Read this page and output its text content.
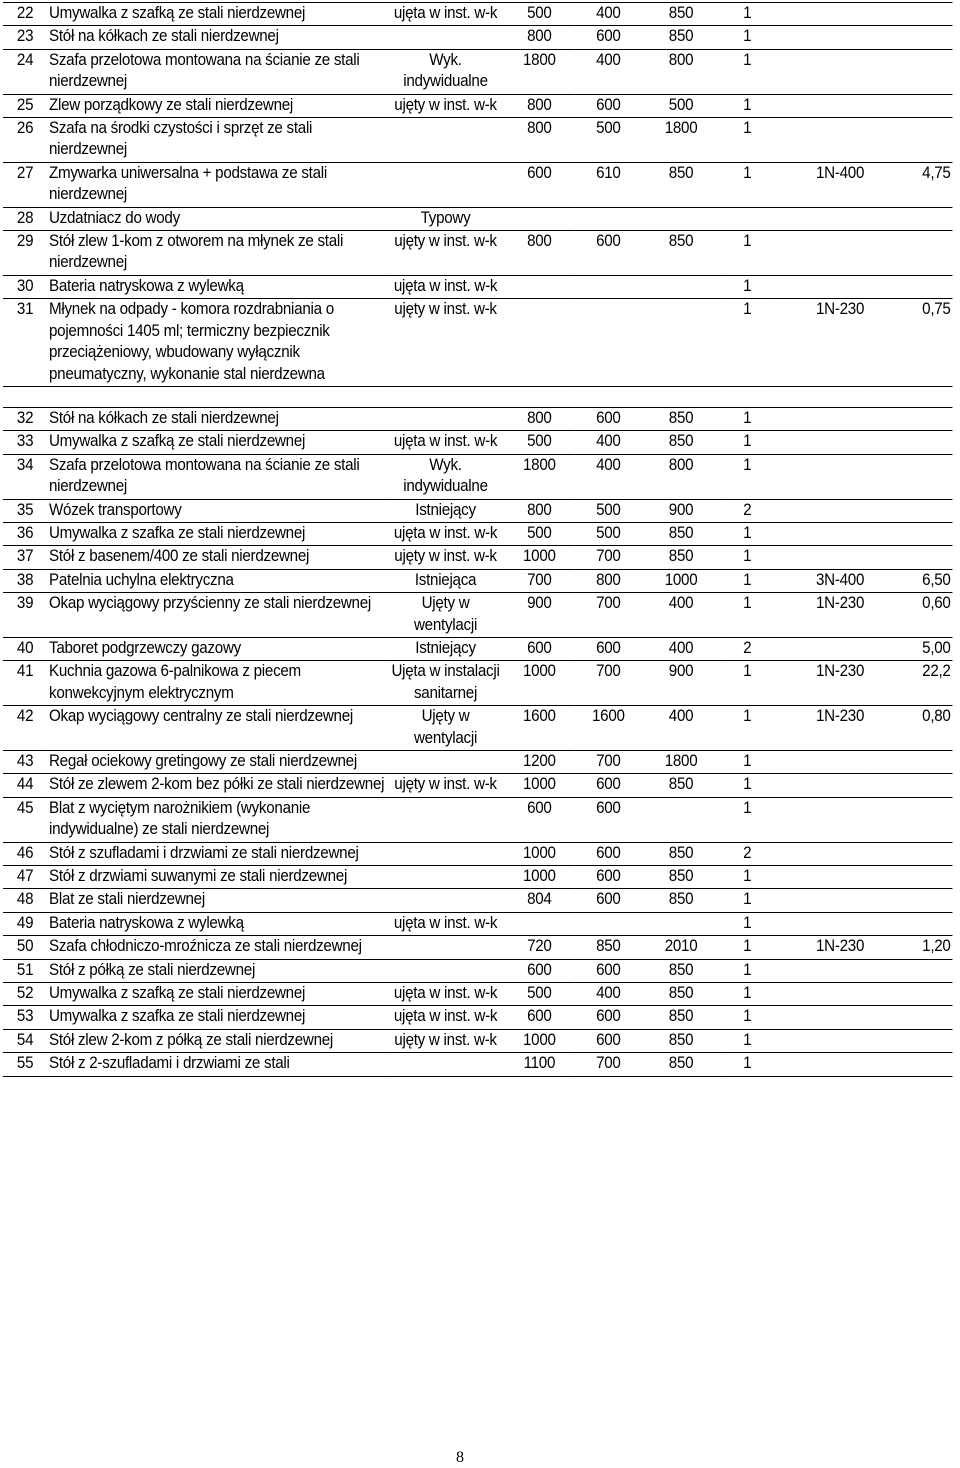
22	Umywalka z szafką ze stali nierdzewnej	ujęta w inst. w-k	500	400	850	1		
23	Stół na kółkach ze stali nierdzewnej		800	600	850	1		
24	Szafa przelotowa montowana na ścianie ze stali nierdzewnej	Wyk. indywidualne	1800	400	800	1		
25	Zlew porządkowy ze stali nierdzewnej	ujęty w inst. w-k	800	600	500	1		
26	Szafa na środki czystości i sprzęt ze stali nierdzewnej		800	500	1800	1		
27	Zmywarka uniwersalna + podstawa ze stali nierdzewnej		600	610	850	1	1N-400	4,75
28	Uzdatniacz do wody	Typowy						
29	Stół zlew 1-kom z otworem na młynek ze stali nierdzewnej	ujęty w inst. w-k	800	600	850	1		
30	Bateria natryskowa z wylewką	ujęta w inst. w-k				1		
31	Młynek na odpady - komora rozdrabniania o pojemności 1405 ml; termiczny bezpiecznik przeciążeniowy, wbudowany wyłącznik pneumatyczny, wykonanie stal nierdzewna	ujęty w inst. w-k				1	1N-230	0,75

32	Stół na kółkach ze stali nierdzewnej		800	600	850	1		
33	Umywalka z szafką ze stali nierdzewnej	ujęta w inst. w-k	500	400	850	1		
34	Szafa przelotowa montowana na ścianie ze stali nierdzewnej	Wyk. indywidualne	1800	400	800	1		
35	Wózek transportowy	Istniejący	800	500	900	2		
36	Umywalka z szafka ze stali nierdzewnej	ujęta w inst. w-k	500	500	850	1		
37	Stół z basenem/400 ze stali nierdzewnej	ujęty w inst. w-k	1000	700	850	1		
38	Patelnia uchylna elektryczna	Istniejąca	700	800	1000	1	3N-400	6,50
39	Okap wyciągowy przyścienny ze stali nierdzewnej	Ujęty w wentylacji	900	700	400	1	1N-230	0,60
40	Taboret podgrzewczy gazowy	Istniejący	600	600	400	2		5,00
41	Kuchnia gazowa 6-palnikowa z piecem konwekcyjnym elektrycznym	Ujęta w instalacji sanitarnej	1000	700	900	1	1N-230	22,2
42	Okap wyciągowy centralny ze stali nierdzewnej	Ujęty w wentylacji	1600	1600	400	1	1N-230	0,80
43	Regał ociekowy gretingowy ze stali nierdzewnej		1200	700	1800	1		
44	Stół ze zlewem 2-kom bez półki ze stali nierdzewnej	ujęty w inst. w-k	1000	600	850	1		
45	Blat z wyciętym narożnikiem (wykonanie indywidualne) ze stali nierdzewnej		600	600		1		
46	Stół z szufladami i drzwiami ze stali nierdzewnej		1000	600	850	2		
47	Stół z drzwiami suwanymi ze stali nierdzewnej		1000	600	850	1		
48	Blat ze stali nierdzewnej		804	600	850	1		
49	Bateria natryskowa z wylewką	ujęta w inst. w-k				1		
50	Szafa chłodniczo-mroźnicza ze stali nierdzewnej		720	850	2010	1	1N-230	1,20
51	Stół z półką ze stali nierdzewnej		600	600	850	1		
52	Umywalka z szafką ze stali nierdzewnej	ujęta w inst. w-k	500	400	850	1		
53	Umywalka z szafka ze stali nierdzewnej	ujęta w inst. w-k	600	600	850	1		
54	Stół zlew 2-kom z półką ze stali nierdzewnej	ujęty w inst. w-k	1000	600	850	1		
55	Stół z 2-szufladami i drzwiami ze stali		1100	700	850	1		
8
